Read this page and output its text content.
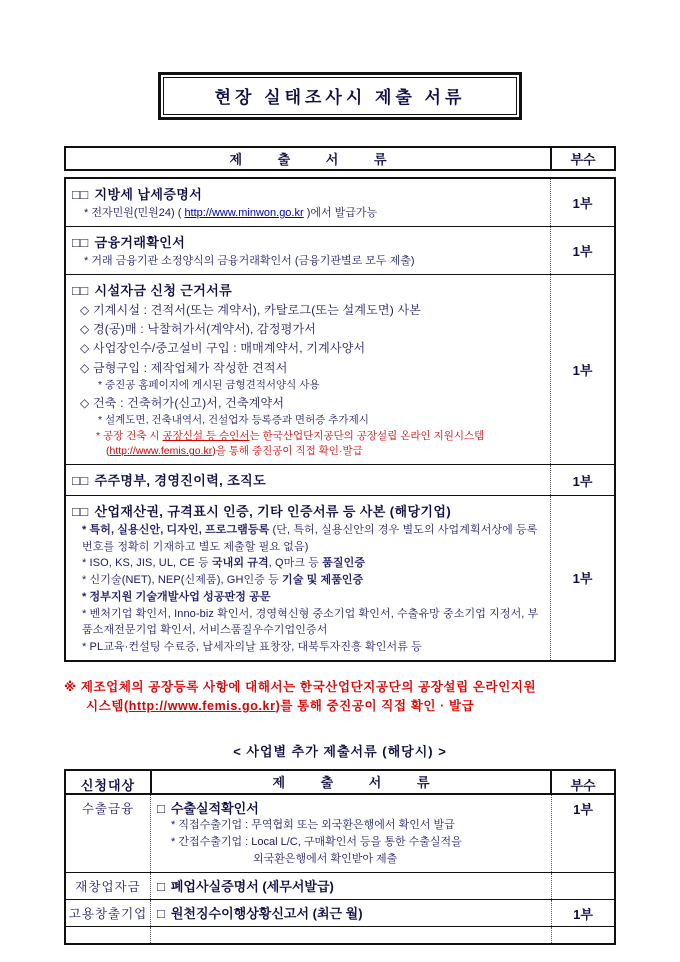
현장 실태조사시 제출 서류
제 출 서 류	부수
□□ 지방세 납세증명서
* 전자민원(민원24) ( http://www.minwon.go.kr )에서 발급가능
1부
□□ 금융거래확인서
* 거래 금융기관 소정양식의 금융거래확인서 (금융기관별로 모두 제출)
1부
□□ 시설자금 신청 근거서류
◇ 기계시설 : 견적서(또는 계약서), 카탈로그(또는 설계도면) 사본
◇ 경(공)매 : 낙찰허가서(계약서), 감정평가서
◇ 사업장인수/중고설비 구입 : 매매계약서, 기계사양서
◇ 금형구입 : 제작업체가 작성한 견적서
* 중진공 홈페이지에 게시된 금형견적서양식 사용
◇ 건축 : 건축허가(신고)서, 건축계약서
* 설계도면, 건축내역서, 건설업자 등록증과 면허증 추가제시
* 공장 건축 시 공장신설 등 승인서는 한국산업단지공단의 공장설립 온라인 지원시스템(http://www.femis.go.kr)을 통해 중진공이 직접 확인·발급
1부
□□ 주주명부, 경영진이력, 조직도	1부
□□ 산업재산권, 규격표시 인증, 기타 인증서류 등 사본 (해당기업)
* 특허, 실용신안, 디자인, 프로그램등록 (단, 특허, 실용신안의 경우 별도의 사업계획서상에 등록번호를 정확히 기재하고 별도 제출할 필요 없음)
* ISO, KS, JIS, UL, CE 등 국내외 규격, Q마크 등 품질인증
* 신기술(NET), NEP(신제품), GH인증 등 기술 및 제품인증
* 정부지원 기술개발사업 성공판정 공문
* 벤처기업 확인서, Inno-biz 확인서, 경영혁신형 중소기업 확인서, 수출유망 중소기업 지정서, 부품소재전문기업 확인서, 서비스품질우수기업인증서
* PL교육·컨설팅 수료증, 납세자의날 표창장, 대북투자진흥 확인서류 등
1부
※ 제조업체의 공장등록 사항에 대해서는 한국산업단지공단의 공장설립 온라인지원
시스템(http://www.femis.go.kr)를 통해 중진공이 직접 확인 · 발급
< 사업별 추가 제출서류 (해당시) >
신청대상	제 출 서 류	부수
수출금융	□ 수출실적확인서
* 직접수출기업 : 무역협회 또는 외국환은행에서 확인서 발급
* 간접수출기업 : Local L/C, 구매확인서 등을 통한 수출실적을
외국환은행에서 확인받아 제출
1부
재창업자금	□ 폐업사실증명서 (세무서발급)
고용창출기업 □ 원천징수이행상황신고서 (최근 월)	1부
